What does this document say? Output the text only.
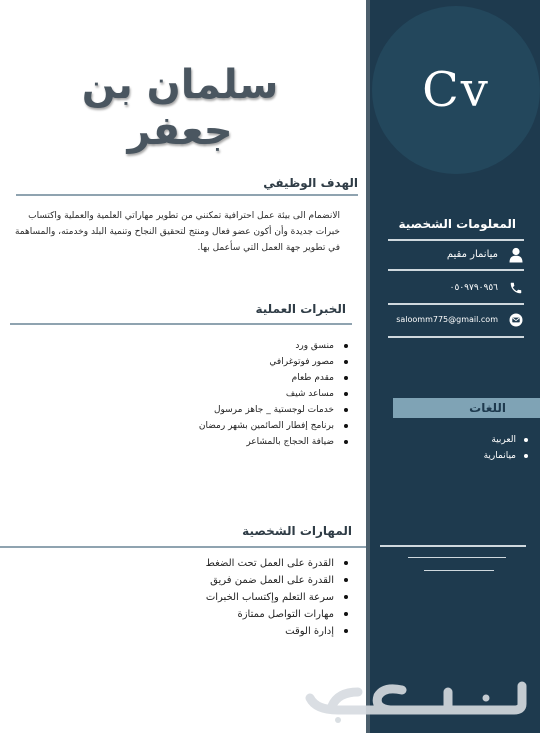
سلمان بن جعفر
الهدف الوظيفي
الانضمام الى بيئة عمل احترافية تمكنني من تطوير مهاراتي العلمية والعملية واكتساب خبرات جديدة وأن أكون عضو فعال ومنتج لتحقيق النجاح وتنمية البلد وخدمته، والمساهمة في تطوير جهة العمل التي سأعمل بها.
الخبرات العملية
منسق ورد
مصور فوتوغرافي
مقدم طعام
مساعد شيف
خدمات لوجستية _ جاهز مرسول
برنامج إفطار الصائمين بشهر رمضان
ضيافة الحجاج بالمشاعر
المهارات الشخصية
القدرة على العمل تحت الضغط
القدرة على العمل ضمن فريق
سرعة التعلم وإكتساب الخبرات
مهارات التواصل ممتازة
إدارة الوقت
Cv
المعلومات الشخصية
ميانمار مقيم
٠٥٠٩٧٩٠٩٥٦
saloomm775@gmail.com
اللغات
العربية
ميانمارية
